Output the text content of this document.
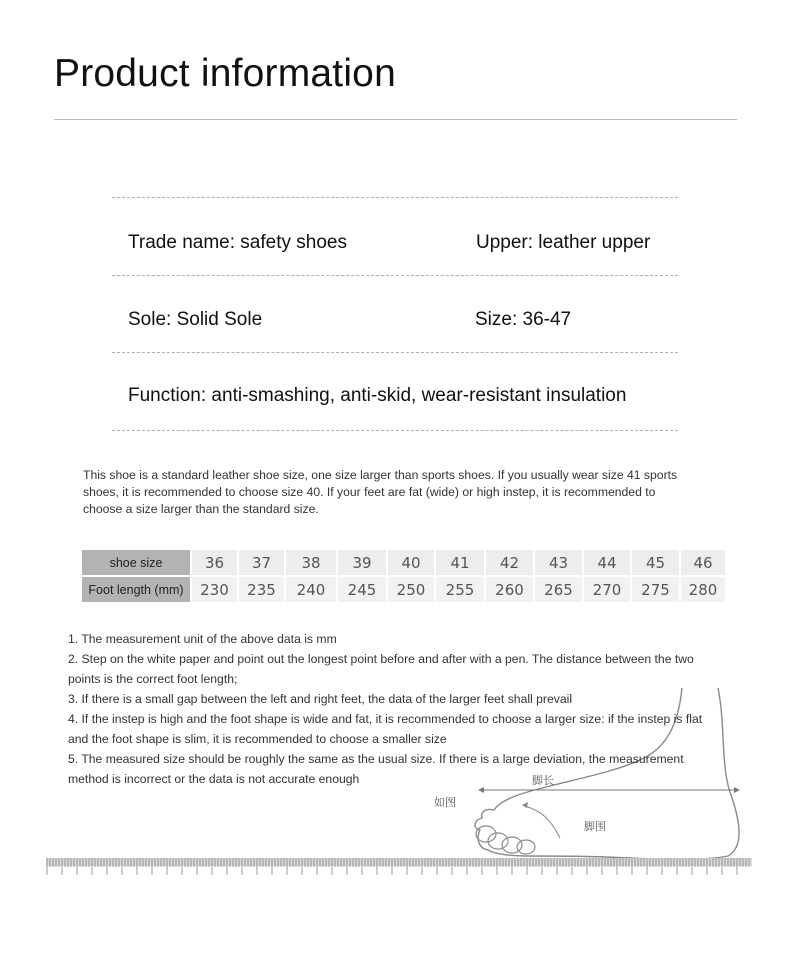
Product information
Trade name: safety shoes	Upper: leather upper
Sole: Solid Sole	Size: 36-47
Function: anti-smashing, anti-skid, wear-resistant insulation
This shoe is a standard leather shoe size, one size larger than sports shoes. If you usually wear size 41 sports shoes, it is recommended to choose size 40. If your feet are fat (wide) or high instep, it is recommended to choose a size larger than the standard size.
shoe size	36	37	38	39	40	41	42	43	44	45	46
Foot length (mm)	230	235	240	245	250	255	260	265	270	275	280
脚长
如图
脚围

1. The measurement unit of the above data is mm

2. Step on the white paper and point out the longest point before and after with a pen. The distance between the two points is the correct foot length;

3. If there is a small gap between the left and right feet, the data of the larger feet shall prevail

4. If the instep is high and the foot shape is wide and fat, it is recommended to choose a larger size: if the instep is flat and the foot shape is slim, it is recommended to choose a smaller size

5. The measured size should be roughly the same as the usual size. If there is a large deviation, the measurement method is incorrect or the data is not accurate enough
